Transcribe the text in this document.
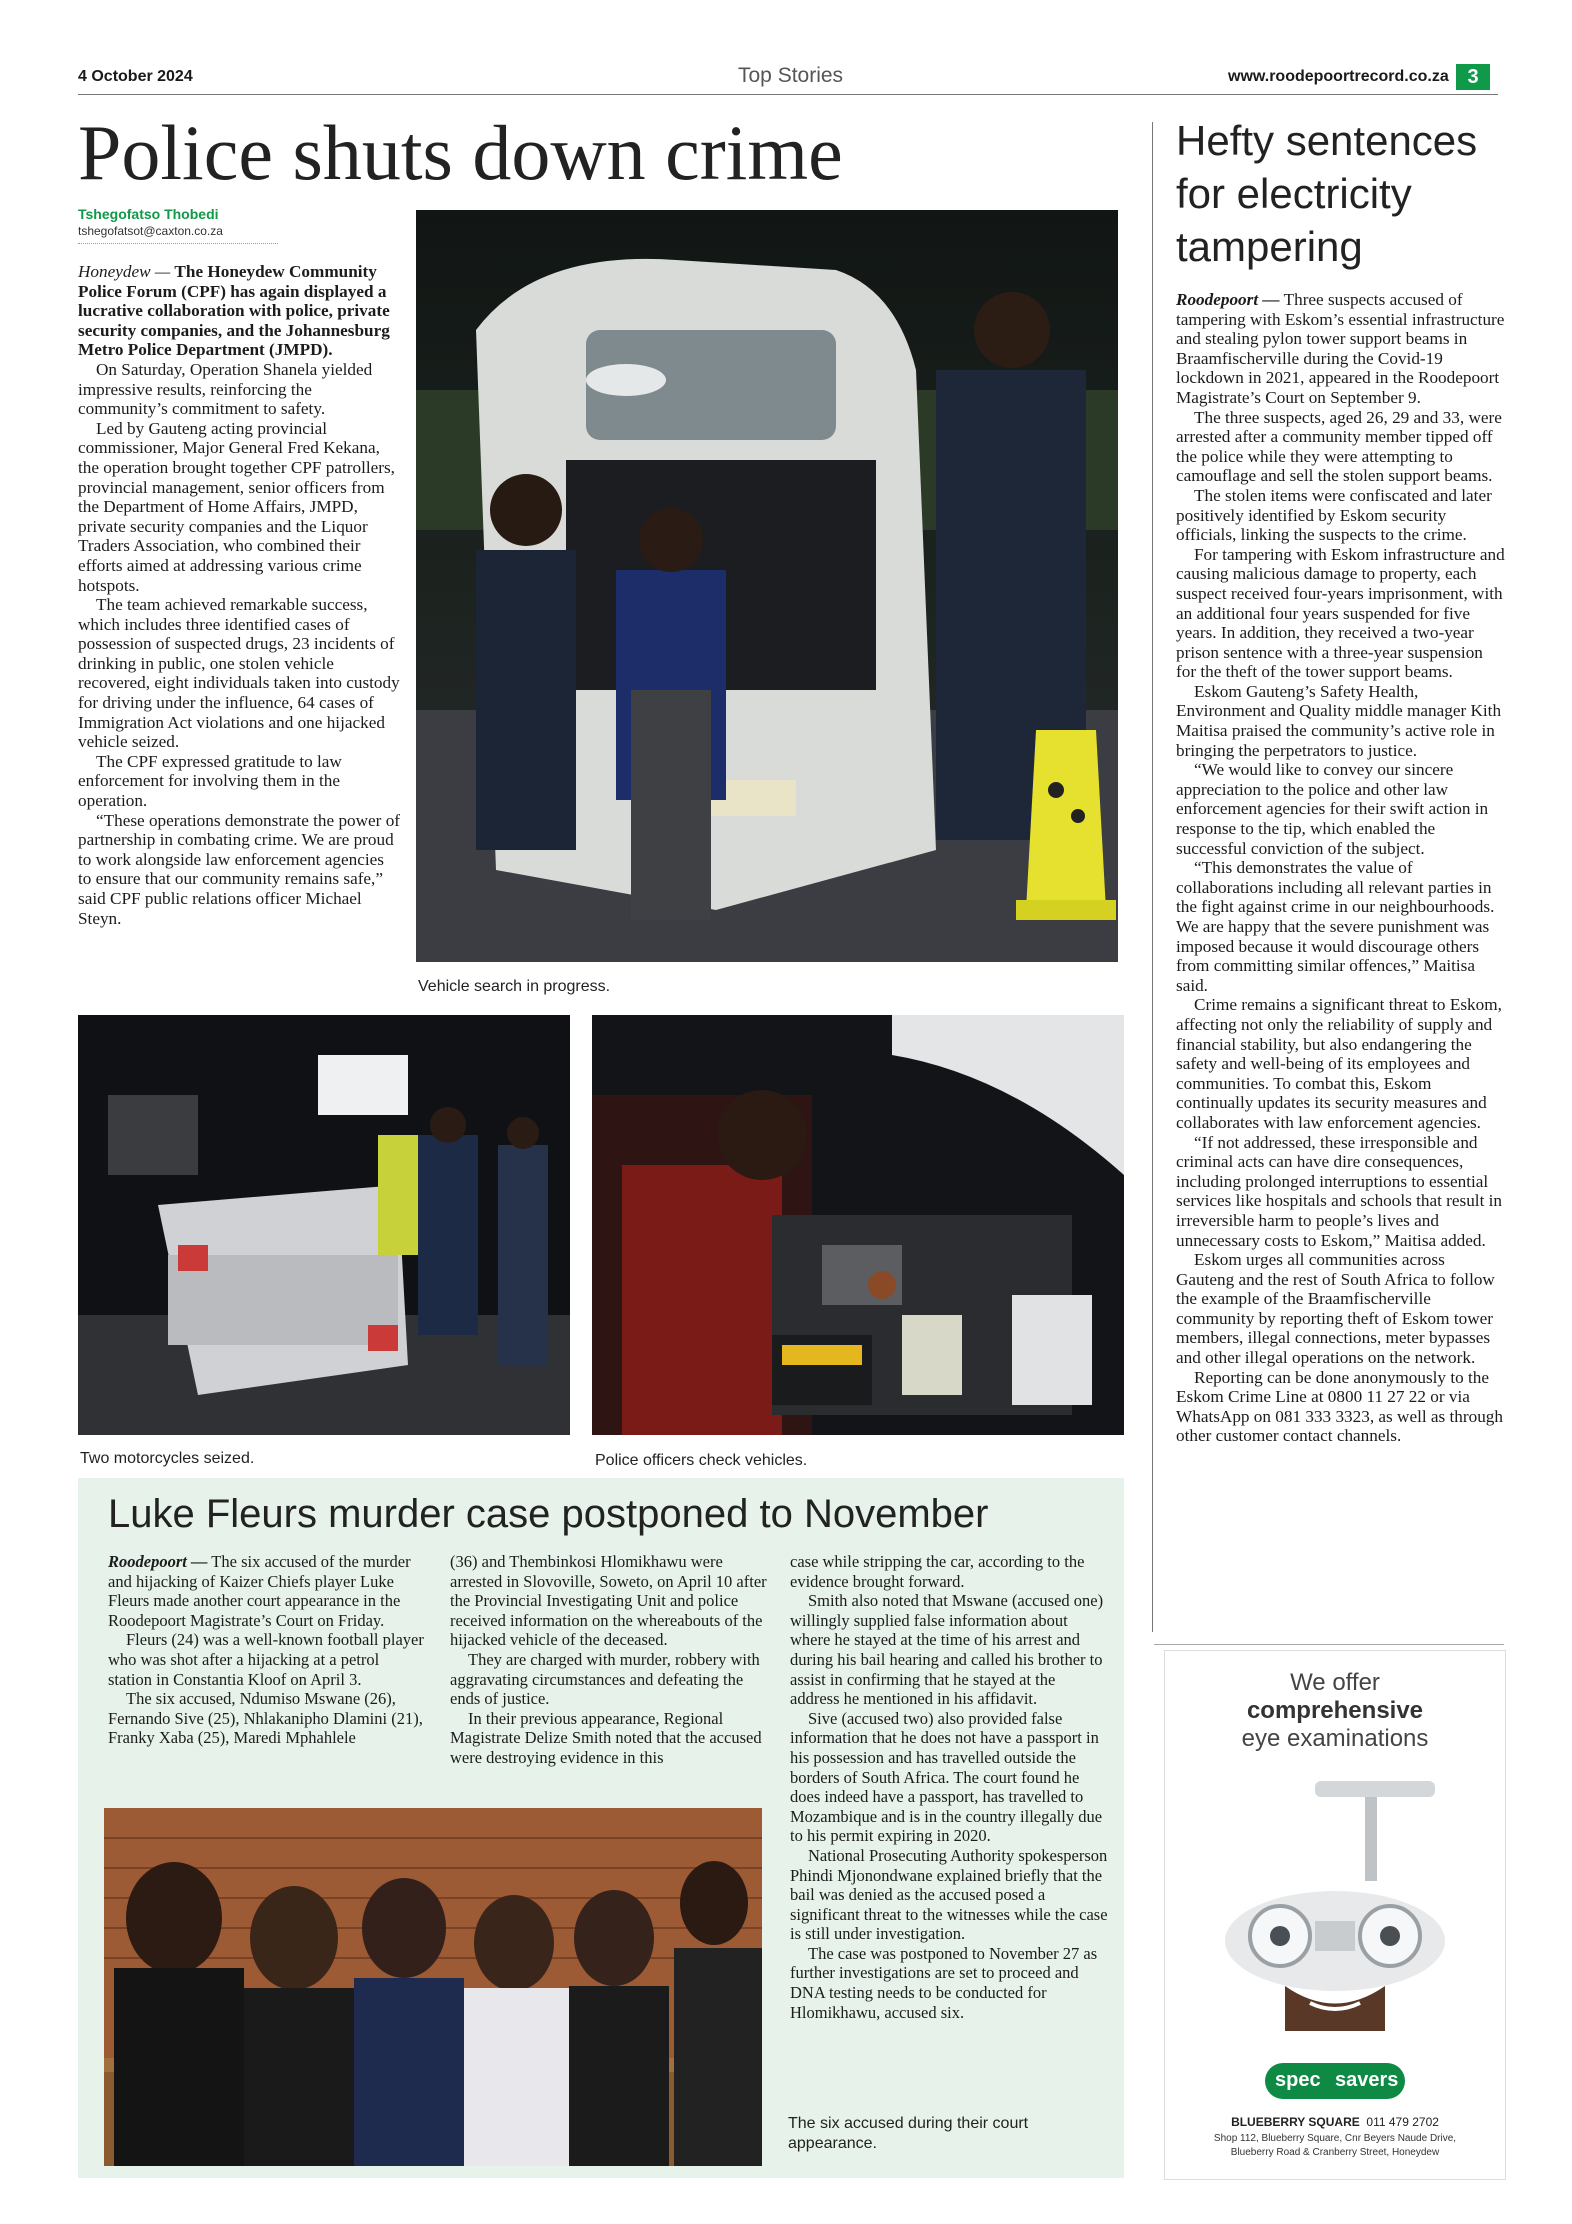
4 October 2024	Top Stories	www.roodepoortrecord.co.za 3
Police shuts down crime
Tshegofatso Thobedi
tshegofatsot@caxton.co.za

Honeydew — The Honeydew Community Police Forum (CPF) has again displayed a lucrative collaboration with police, private security companies, and the Johannesburg Metro Police Department (JMPD).

On Saturday, Operation Shanela yielded impressive results, reinforcing the community’s commitment to safety.

Led by Gauteng acting provincial commissioner, Major General Fred Kekana, the operation brought together CPF patrollers, provincial management, senior officers from the Department of Home Affairs, JMPD, private security companies and the Liquor Traders Association, who combined their efforts aimed at addressing various crime hotspots.

The team achieved remarkable success, which includes three identified cases of possession of suspected drugs, 23 incidents of drinking in public, one stolen vehicle recovered, eight individuals taken into custody for driving under the influence, 64 cases of Immigration Act violations and one hijacked vehicle seized.

The CPF expressed gratitude to law enforcement for involving them in the operation.

“These operations demonstrate the power of partnership in combating crime. We are proud to work alongside law enforcement agencies to ensure that our community remains safe,” said CPF public relations officer Michael Steyn.

Vehicle search in progress.
Two motorcycles seized.	Police officers check vehicles.
Hefty sentences for electricity tampering

Roodepoort — Three suspects accused of tampering with Eskom’s essential infrastructure and stealing pylon tower support beams in Braamfischerville during the Covid-19 lockdown in 2021, appeared in the Roodepoort Magistrate’s Court on September 9.

The three suspects, aged 26, 29 and 33, were arrested after a community member tipped off the police while they were attempting to camouflage and sell the stolen support beams.

The stolen items were confiscated and later positively identified by Eskom security officials, linking the suspects to the crime.

For tampering with Eskom infrastructure and causing malicious damage to property, each suspect received four-years imprisonment, with an additional four years suspended for five years. In addition, they received a two-year prison sentence with a three-year suspension for the theft of the tower support beams.

Eskom Gauteng’s Safety Health, Environment and Quality middle manager Kith Maitisa praised the community’s active role in bringing the perpetrators to justice.

“We would like to convey our sincere appreciation to the police and other law enforcement agencies for their swift action in response to the tip, which enabled the successful conviction of the subject.

“This demonstrates the value of collaborations including all relevant parties in the fight against crime in our neighbourhoods. We are happy that the severe punishment was imposed because it would discourage others from committing similar offences,” Maitisa said.

Crime remains a significant threat to Eskom, affecting not only the reliability of supply and financial stability, but also endangering the safety and well-being of its employees and communities. To combat this, Eskom continually updates its security measures and collaborates with law enforcement agencies.

“If not addressed, these irresponsible and criminal acts can have dire consequences, including prolonged interruptions to essential services like hospitals and schools that result in irreversible harm to people’s lives and unnecessary costs to Eskom,” Maitisa added.

Eskom urges all communities across Gauteng and the rest of South Africa to follow the example of the Braamfischerville community by reporting theft of Eskom tower members, illegal connections, meter bypasses and other illegal operations on the network.

Reporting can be done anonymously to the Eskom Crime Line at 0800 11 27 22 or via WhatsApp on 081 333 3323, as well as through other customer contact channels.

We offer
comprehensive
eye examinations
spec savers
BLUEBERRY SQUARE 011 479 2702
Shop 112, Blueberry Square, Cnr Beyers Naude Drive,
Blueberry Road & Cranberry Street, Honeydew
Luke Fleurs murder case postponed to November

Roodepoort — The six accused of the murder and hijacking of Kaizer Chiefs player Luke Fleurs made another court appearance in the Roodepoort Magistrate’s Court on Friday.

Fleurs (24) was a well-known football player who was shot after a hijacking at a petrol station in Constantia Kloof on April 3.

The six accused, Ndumiso Mswane (26), Fernando Sive (25), Nhlakanipho Dlamini (21), Franky Xaba (25), Maredi Mphahlele

(36) and Thembinkosi Hlomikhawu were arrested in Slovoville, Soweto, on April 10 after the Provincial Investigating Unit and police received information on the whereabouts of the hijacked vehicle of the deceased.

They are charged with murder, robbery with aggravating circumstances and defeating the ends of justice.

In their previous appearance, Regional Magistrate Delize Smith noted that the accused were destroying evidence in this

case while stripping the car, according to the evidence brought forward.

Smith also noted that Mswane (accused one) willingly supplied false information about where he stayed at the time of his arrest and during his bail hearing and called his brother to assist in confirming that he stayed at the address he mentioned in his affidavit.

Sive (accused two) also provided false information that he does not have a passport in his possession and has travelled outside the borders of South Africa. The court found he does indeed have a passport, has travelled to Mozambique and is in the country illegally due to his permit expiring in 2020.

National Prosecuting Authority spokesperson Phindi Mjonondwane explained briefly that the bail was denied as the accused posed a significant threat to the witnesses while the case is still under investigation.

The case was postponed to November 27 as further investigations are set to proceed and DNA testing needs to be conducted for Hlomikhawu, accused six.

The six accused during their court appearance.
